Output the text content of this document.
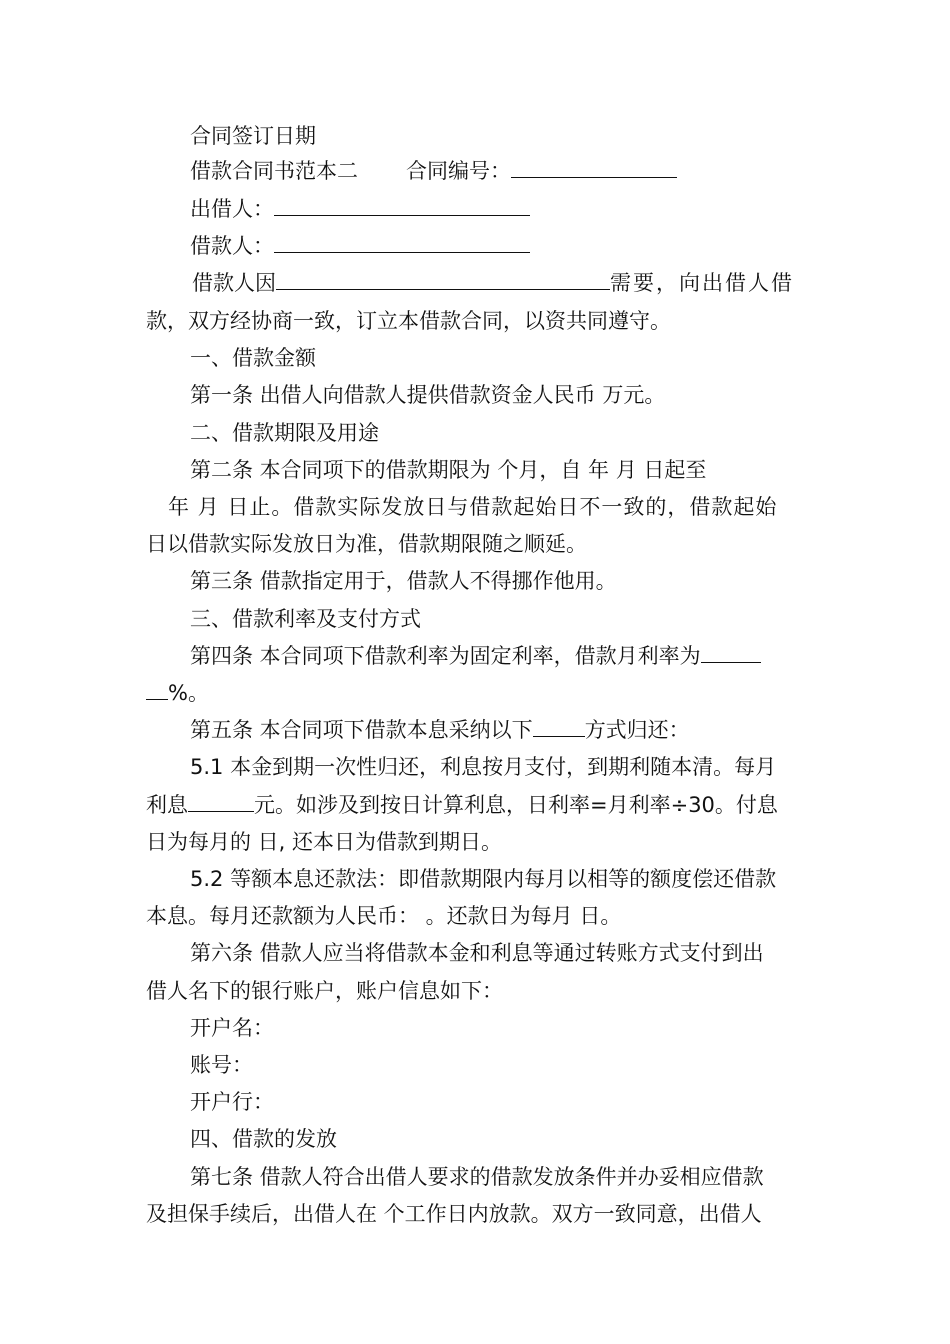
合同签订日期
借款合同书范本二 合同编号：
出借人：
借款人：
借款人因	需要，向出借人借
款，双方经协商一致，订立本借款合同，以资共同遵守。
一、借款金额
第一条 出借人向借款人提供借款资金人民币 万元。
二、借款期限及用途
第二条 本合同项下的借款期限为 个月，自 年 月 日起至
年 月 日止。借款实际发放日与借款起始日不一致的，借款起始
日以借款实际发放日为准，借款期限随之顺延。
第三条 借款指定用于，借款人不得挪作他用。
三、借款利率及支付方式
第四条 本合同项下借款利率为固定利率，借款月利率为
%。
第五条 本合同项下借款本息采纳以下 方式归还：
5.1 本金到期一次性归还，利息按月支付，到期利随本清。每月
利息	元。如涉及到按日计算利息，日利率=月利率÷30。付息
日为每月的 日, 还本日为借款到期日。
5.2 等额本息还款法：即借款期限内每月以相等的额度偿还借款
本息。每月还款额为人民币： 。还款日为每月 日。
第六条 借款人应当将借款本金和利息等通过转账方式支付到出
借人名下的银行账户，账户信息如下：
开户名：
账号：
开户行：
四、借款的发放
第七条 借款人符合出借人要求的借款发放条件并办妥相应借款
及担保手续后，出借人在 个工作日内放款。双方一致同意，出借人
